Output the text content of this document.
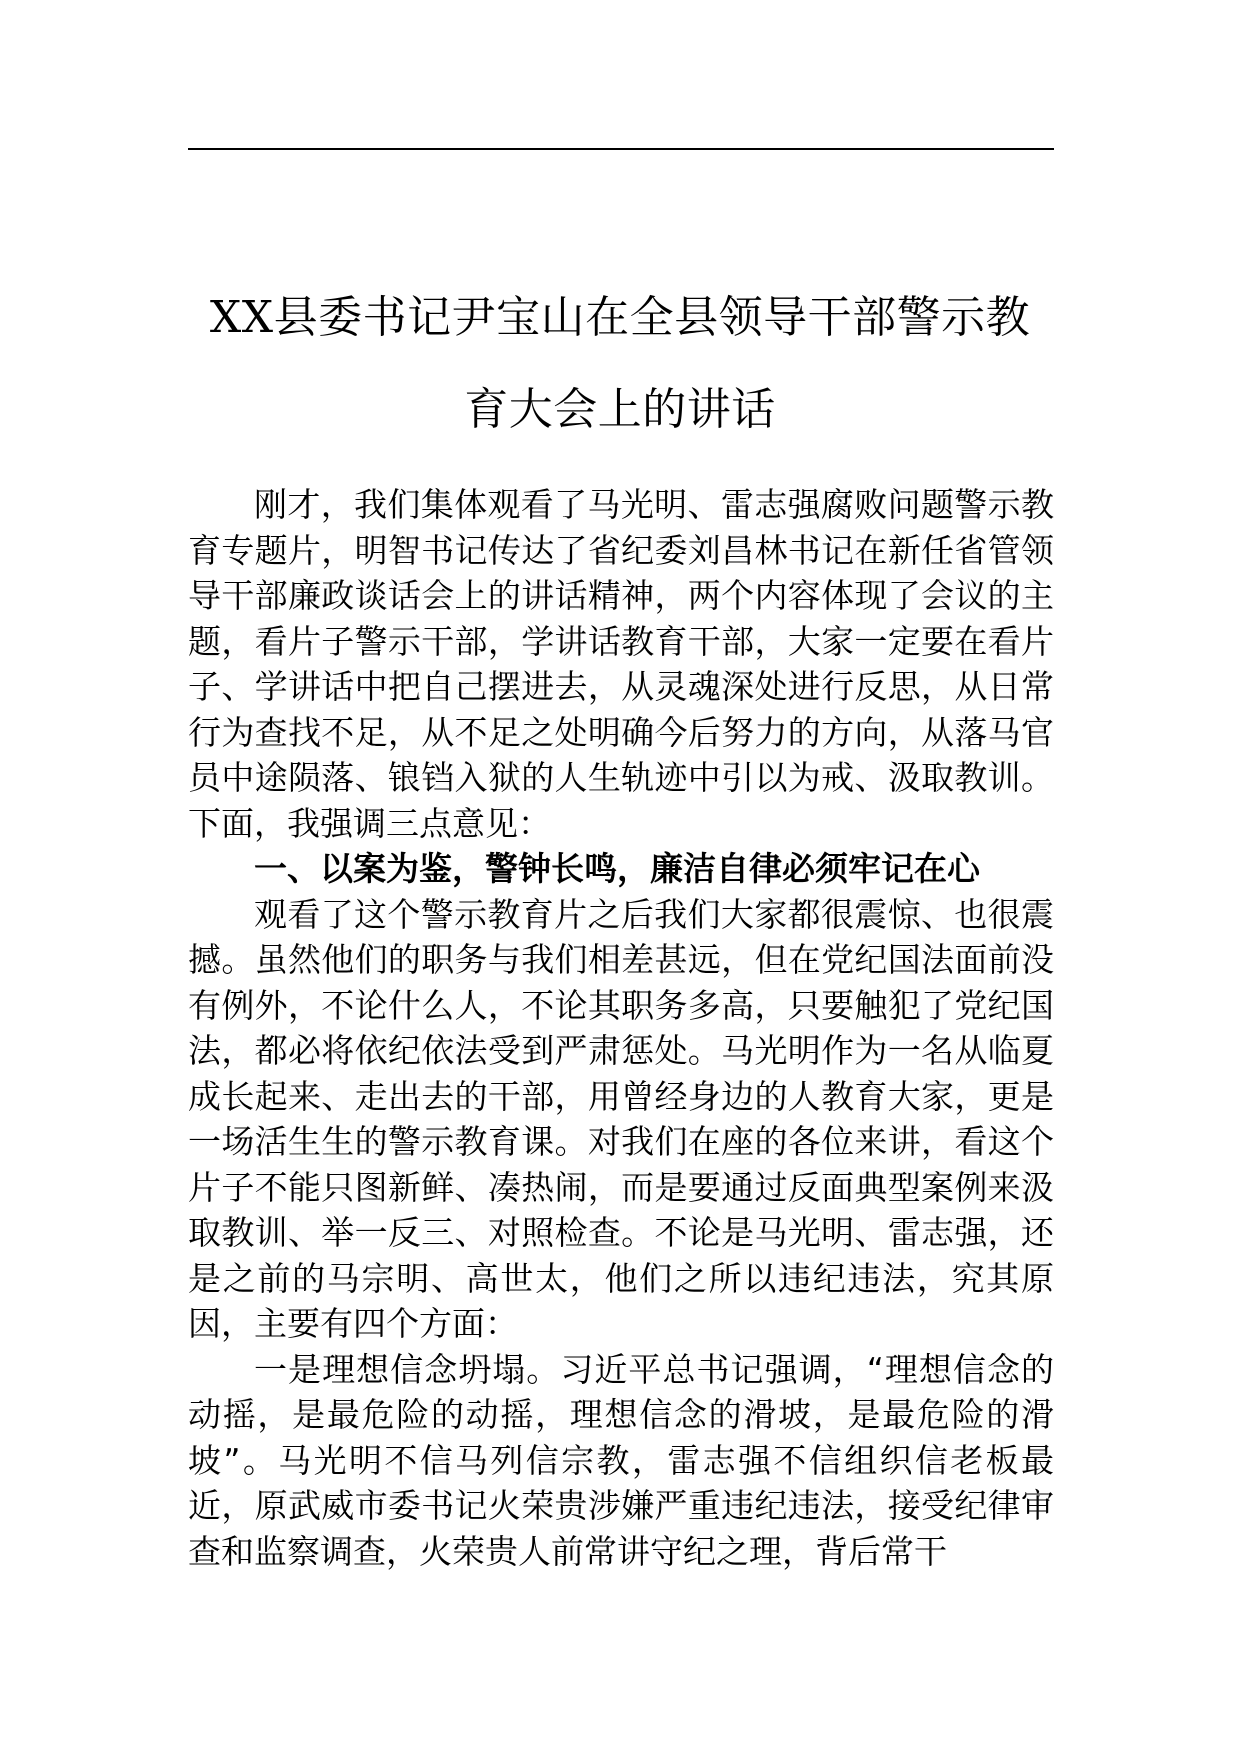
XX县委书记尹宝山在全县领导干部警示教
育大会上的讲话

刚才，我们集体观看了马光明、雷志强腐败问题警示教育专题片，明智书记传达了省纪委刘昌林书记在新任省管领导干部廉政谈话会上的讲话精神，两个内容体现了会议的主题，看片子警示干部，学讲话教育干部，大家一定要在看片子、学讲话中把自己摆进去，从灵魂深处进行反思，从日常行为查找不足，从不足之处明确今后努力的方向，从落马官员中途陨落、锒铛入狱的人生轨迹中引以为戒、汲取教训。下面，我强调三点意见：

一、以案为鉴，警钟长鸣，廉洁自律必须牢记在心

观看了这个警示教育片之后我们大家都很震惊、也很震撼。虽然他们的职务与我们相差甚远，但在党纪国法面前没有例外，不论什么人，不论其职务多高，只要触犯了党纪国法，都必将依纪依法受到严肃惩处。马光明作为一名从临夏成长起来、走出去的干部，用曾经身边的人教育大家，更是一场活生生的警示教育课。对我们在座的各位来讲，看这个片子不能只图新鲜、凑热闹，而是要通过反面典型案例来汲取教训、举一反三、对照检查。不论是马光明、雷志强，还是之前的马宗明、高世太，他们之所以违纪违法，究其原因，主要有四个方面：

一是理想信念坍塌。习近平总书记强调，“理想信念的动摇，是最危险的动摇，理想信念的滑坡，是最危险的滑坡”。马光明不信马列信宗教，雷志强不信组织信老板最近，原武威市委书记火荣贵涉嫌严重违纪违法，接受纪律审查和监察调查，火荣贵人前常讲守纪之理，背后常干
